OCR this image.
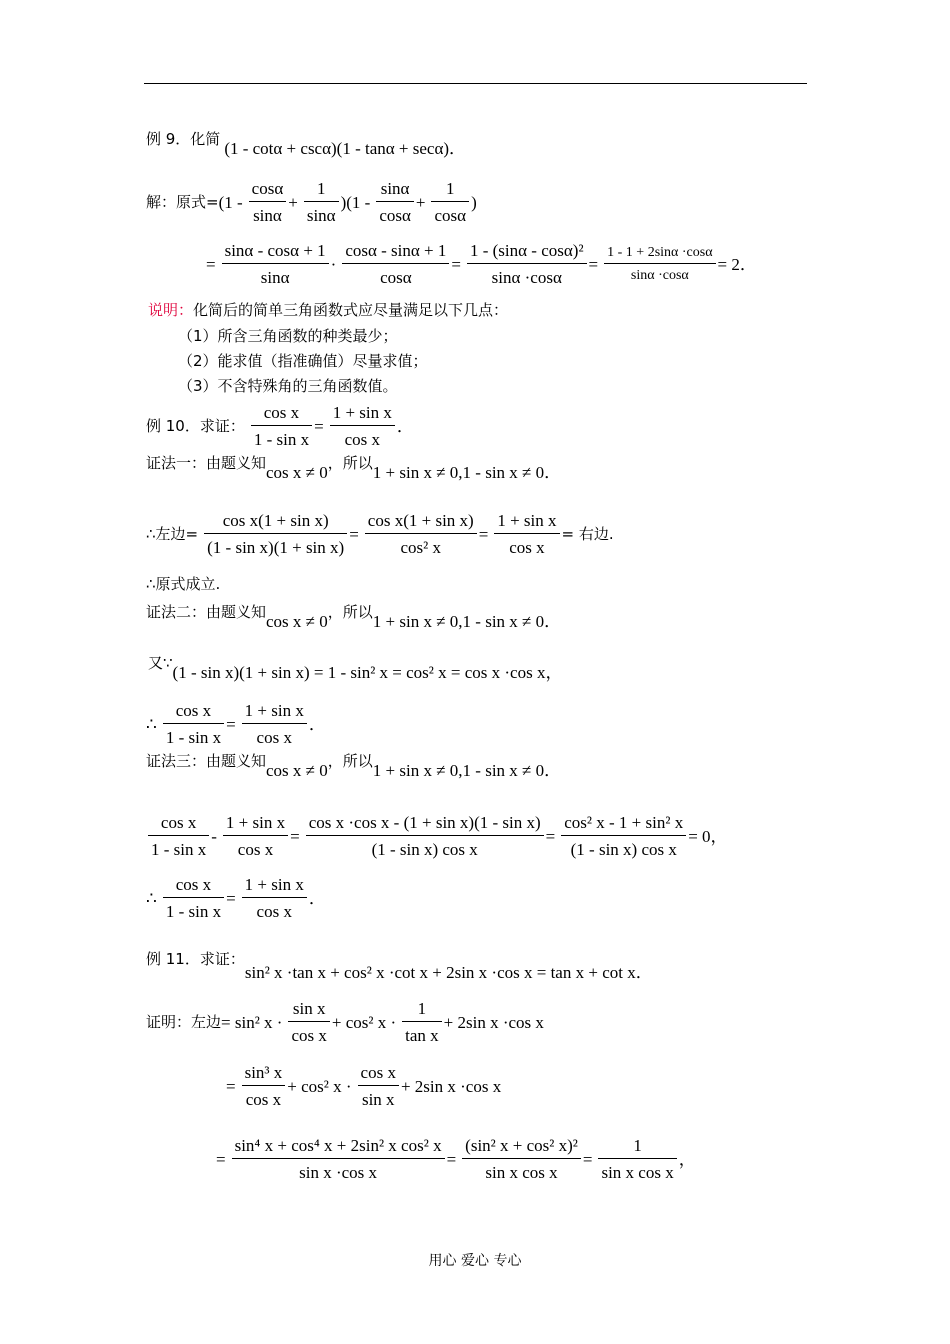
例 9．化简 (1 - cotα + cscα)(1 - tanα + secα)．
解：原式$=(1 - \frac{\cos\alpha}{\sin\alpha} + \frac{1}{\sin\alpha} )(1 - \frac{\sin\alpha}{\cos\alpha} + \frac{1}{\cos\alpha}$ )
= $\frac{\sin\alpha - \cos\alpha + 1}{\sin\alpha} \cdot \frac{\cos\alpha - \sin\alpha + 1}{\cos\alpha} = \frac{\text{1 - (sinα - cosα)²}}{\sin\alpha \cdot\cos\alpha} = \frac{1 - 1 + 2\sin\alpha \cdot\cos\alpha}{\sin\alpha \cdot\cos\alpha} = 2$．
说明：化简后的简单三角函数式应尽量满足以下几点：
（1）所含三角函数的种类最少；
（2）能求值（指准确值）尽量求值；
（3）不含特殊角的三角函数值。
例 10．求证： $\frac{\text{cos x}}{\text{1 - sin x}} = \frac{\text{1 + sin x}}{\text{cos x}}$ ．
证法一：由题义知cos x ≠ 0，所以1 + sin x ≠ 0,1 - sin x ≠ 0．
∴左边= $\frac{\text{cos x(1 + sin x)}}{\text{(1 - sin x)(1 + sin x)}} = \frac{\text{cos x(1 + sin x)}}{\text{cos² x}} = \frac{\text{1 + sin x}}{\text{cos x}}$ = 右边.
∴原式成立.
证法二：由题义知cos x ≠ 0，所以1 + sin x ≠ 0,1 - sin x ≠ 0．
又∵(1 - sin x)(1 + sin x) = 1 - sin² x = cos² x = cos x ·cos x，
∴ $\frac{\text{cos x}}{\text{1 - sin x}} = \frac{\text{1 + sin x}}{\text{cos x}}$ ．
证法三：由题义知cos x ≠ 0，所以1 + sin x ≠ 0,1 - sin x ≠ 0．
$\frac{\text{cos x}}{\text{1 - sin x}} - \frac{\text{1 + sin x}}{\text{cos x}} = \frac{\text{cos x ·cos x - (1 + sin x)(1 - sin x)}}{\text{(1 - sin x) cos x}} = \frac{\text{cos² x - 1 + sin² x}}{\text{(1 - sin x) cos x}} = 0$，
∴ $\frac{\text{cos x}}{\text{1 - sin x}} = \frac{\text{1 + sin x}}{\text{cos x}}$ ．
例 11．求证：sin² x ·tan x + cos² x ·cot x + 2sin x ·cos x = tan x + cot x．
证明：左边= sin² $x \cdot \frac{\text{sin x}}{\text{cos x}} + \cos^2$ $x \cdot \frac{1}{\text{tan x}} + 2\sin$ x ·cos x
= $\frac{\text{sin³ x}}{\text{cos x}} + \cos^2$ $x \cdot \frac{\text{cos x}}{\text{sin x}} + 2\sin$ x ·cos x
= $\frac{\text{sin⁴ x + cos⁴ x + 2sin² x cos² x}}{\text{sin x ·cos x}} = \frac{\text{(sin² x + cos² x)²}}{\text{sin x cos x}} = \frac{1}{\text{sin x cos x}}$ ，
用心 爱心 专心
